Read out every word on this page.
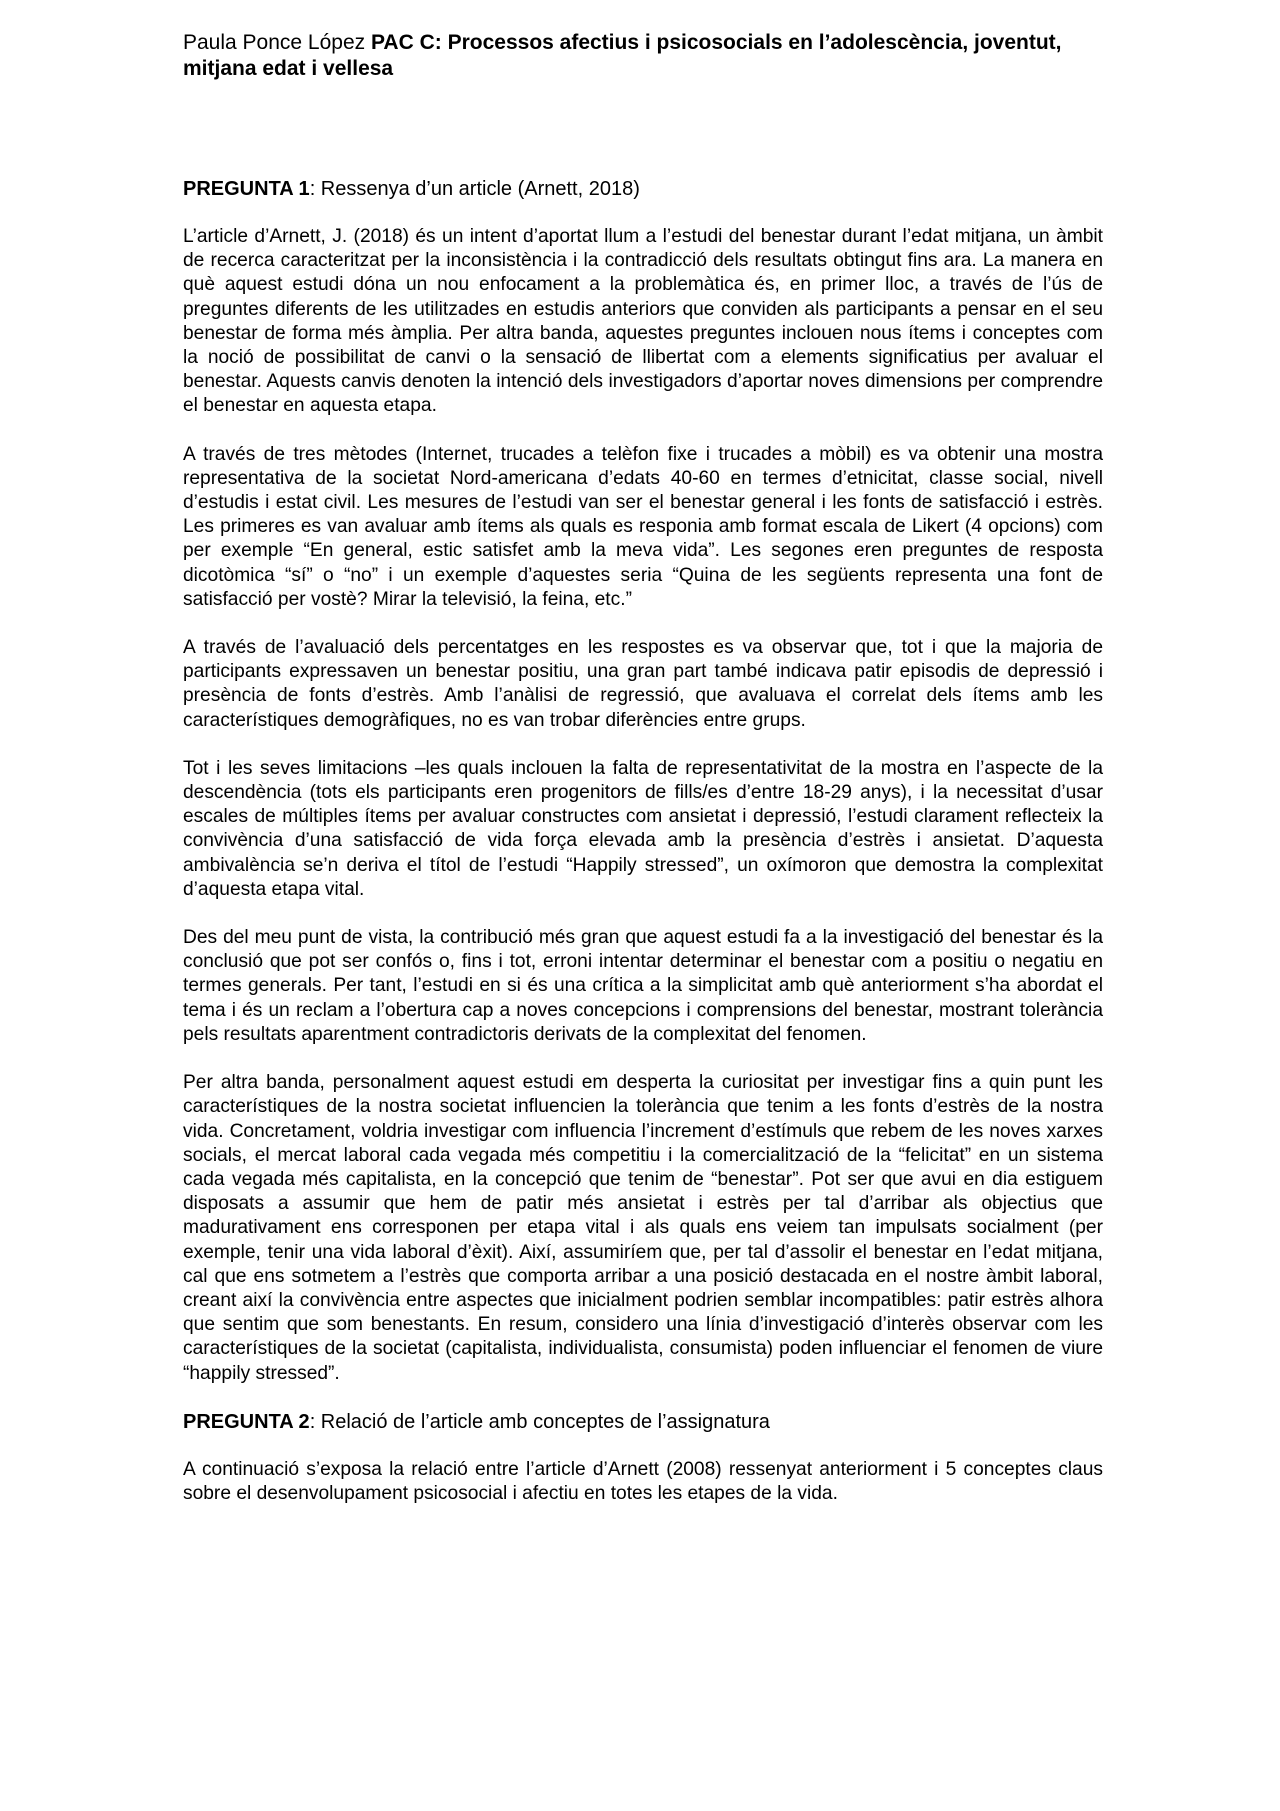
Paula Ponce López PAC C: Processos afectius i psicosocials en l’adolescència, joventut, mitjana edat i vellesa
PREGUNTA 1: Ressenya d’un article (Arnett, 2018)

L’article d’Arnett, J. (2018) és un intent d’aportat llum a l’estudi del benestar durant l’edat mitjana, un àmbit de recerca caracteritzat per la inconsistència i la contradicció dels resultats obtingut fins ara. La manera en què aquest estudi dóna un nou enfocament a la problemàtica és, en primer lloc, a través de l’ús de preguntes diferents de les utilitzades en estudis anteriors que conviden als participants a pensar en el seu benestar de forma més àmplia. Per altra banda, aquestes preguntes inclouen nous ítems i conceptes com la noció de possibilitat de canvi o la sensació de llibertat com a elements significatius per avaluar el benestar. Aquests canvis denoten la intenció dels investigadors d’aportar noves dimensions per comprendre el benestar en aquesta etapa.

A través de tres mètodes (Internet, trucades a telèfon fixe i trucades a mòbil) es va obtenir una mostra representativa de la societat Nord-americana d’edats 40-60 en termes d’etnicitat, classe social, nivell d’estudis i estat civil. Les mesures de l’estudi van ser el benestar general i les fonts de satisfacció i estrès. Les primeres es van avaluar amb ítems als quals es responia amb format escala de Likert (4 opcions) com per exemple “En general, estic satisfet amb la meva vida”. Les segones eren preguntes de resposta dicotòmica “sí” o “no” i un exemple d’aquestes seria “Quina de les següents representa una font de satisfacció per vostè? Mirar la televisió, la feina, etc.”

A través de l’avaluació dels percentatges en les respostes es va observar que, tot i que la majoria de participants expressaven un benestar positiu, una gran part també indicava patir episodis de depressió i presència de fonts d’estrès. Amb l’anàlisi de regressió, que avaluava el correlat dels ítems amb les característiques demogràfiques, no es van trobar diferències entre grups.

Tot i les seves limitacions –les quals inclouen la falta de representativitat de la mostra en l’aspecte de la descendència (tots els participants eren progenitors de fills/es d’entre 18-29 anys), i la necessitat d’usar escales de múltiples ítems per avaluar constructes com ansietat i depressió, l’estudi clarament reflecteix la convivència d’una satisfacció de vida força elevada amb la presència d’estrès i ansietat. D’aquesta ambivalència se’n deriva el títol de l’estudi “Happily stressed”, un oxímoron que demostra la complexitat d’aquesta etapa vital.

Des del meu punt de vista, la contribució més gran que aquest estudi fa a la investigació del benestar és la conclusió que pot ser confós o, fins i tot, erroni intentar determinar el benestar com a positiu o negatiu en termes generals. Per tant, l’estudi en si és una crítica a la simplicitat amb què anteriorment s’ha abordat el tema i és un reclam a l’obertura cap a noves concepcions i comprensions del benestar, mostrant tolerància pels resultats aparentment contradictoris derivats de la complexitat del fenomen.

Per altra banda, personalment aquest estudi em desperta la curiositat per investigar fins a quin punt les característiques de la nostra societat influencien la tolerància que tenim a les fonts d’estrès de la nostra vida. Concretament, voldria investigar com influencia l’increment d’estímuls que rebem de les noves xarxes socials, el mercat laboral cada vegada més competitiu i la comercialització de la “felicitat” en un sistema cada vegada més capitalista, en la concepció que tenim de “benestar”. Pot ser que avui en dia estiguem disposats a assumir que hem de patir més ansietat i estrès per tal d’arribar als objectius que madurativament ens corresponen per etapa vital i als quals ens veiem tan impulsats socialment (per exemple, tenir una vida laboral d’èxit). Així, assumiríem que, per tal d’assolir el benestar en l’edat mitjana, cal que ens sotmetem a l’estrès que comporta arribar a una posició destacada en el nostre àmbit laboral, creant així la convivència entre aspectes que inicialment podrien semblar incompatibles: patir estrès alhora que sentim que som benestants. En resum, considero una línia d’investigació d’interès observar com les característiques de la societat (capitalista, individualista, consumista) poden influenciar el fenomen de viure “happily stressed”.

PREGUNTA 2: Relació de l’article amb conceptes de l’assignatura

A continuació s’exposa la relació entre l’article d’Arnett (2008) ressenyat anteriorment i 5 conceptes claus sobre el desenvolupament psicosocial i afectiu en totes les etapes de la vida.
